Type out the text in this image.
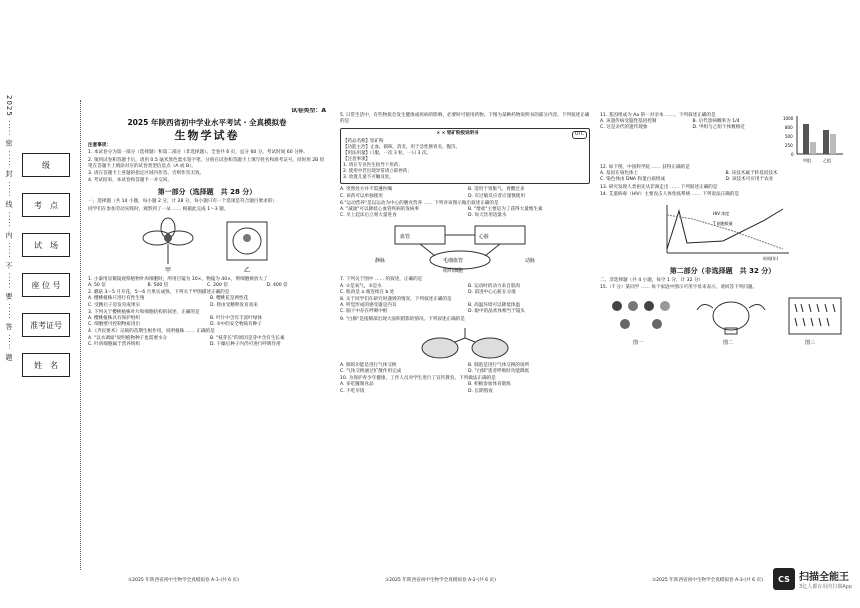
2025 ····· 密 ····· 封 ····· 线 ····· 内 ····· 不 ····· 要 ····· 答 ····· 题	级
考　点
试　场
座 位 号
准考证号
姓　名
试卷类型：A
2025 年陕西省初中学业水平考试 · 全真模拟卷
生物学试卷

注意事项：

1. 本试卷分为第一部分（选择题）和第二部分（非选择题）。全卷共 6 页，总分 60 分。考试时间 60 分钟。

2. 领到试卷和答题卡后，请用 0.5 毫米黑色墨水签字笔，分别在试卷和答题卡上填写姓名和准考证号，同时用 2B 铅笔在答题卡上填涂对应的试卷类型信息点（A 或 B）。

3. 请在答题卡上各题的指定区域内作答，否则作答无效。

4. 考试结束，本试卷和答题卡一并交回。

第一部分（选择题　共 28 分）

一、选择题（共 14 小题，每小题 2 分，计 28 分。每小题只有一个选项是符合题目要求的）

同学们在参加劳动实践时，观察到了一朵 …… 根据此完成 1～3 题。

甲	乙

1. 小秦用显微镜观察植物叶肉细胞时，所用目镜为 10×，物镜为 40×，则细胞被放大了

A. 50 倍	B. 500 倍	C. 200 倍	D. 400 倍

2. 蘑菇 3～5 月开花，5～6 月果实成熟。下列关于甲图描述正确的是

A. 樱桃植株只进行有性生殖	B. 樱桃花是两性花
C. 受精后子房发育成果实	D. 胚由受精卵发育而来

3. 下列关于樱桃植株叶片和细胞结构的叙述，正确的是

A. 樱桃植株具有保护组织	B. 叶片中含有丰富叶绿体
C. 细胞壁可控制物质进出	D. ②中的安全物质有种子

4.《齐民要术》记载的苗期生根作用，说明植株 …… 正确的是

A. "以水调面"说明植物种子也需要水分	B. "枝芽长"的原因是芽中含有生长素
C. 叶肉细胞属于营养组织	D. 干燥后种子内仍可进行呼吸作用
①2025 年陕西省初中生物学全真模拟卷 A-1-(共 6 页)

5. 日常生活中，有些物质会发生健康或疾病的影响，必要时可使用药物。下图为某种药物说明书的部分内容。下列叙述正确的是

× × 铝矿粉胶说明书	OTC
【药品名称】铝矿粉
【功能主治】止血、镇咳、消炎，用于急性肠胃炎、腹泻。
【用法用量】口服，一次 3 粒，一日 3 次。
【注意事项】
1. 请在专业医生指导下用药；
2. 使用中若出现异常请立即停药；
3. 放置儿童不可触及处。
A. 突然处方并不需遵医嘱	B. 适用于胃胀气、胃酸过多
C. 该药可以单独使用	D. 有过敏反应者应谨慎使用

6."运动营养"是以运动为中心的膳食营养 …… 下列对该图示做出叙述正确的是

A. "减油"可以降低心血管疾病的发病率	B. "增盐"主要是为了获得大量维生素
C. 早上起床后立刻大量进食	D. 每天饮用适量水
血管	心脏
静脉	动脉
毛细血管
组织细胞

7. 下列关于图中 …… 的叙述，正确的是

A. ①是氧气，②是水	B. 运动时的动力来自肌肉
C. 肌肉是 a 端连续在 b 处	D. 前进中心心脏在分流

8. 关于同学们在研究时遇到的情况，下列叙述正确的是

A. 听觉形成的感受器是内耳	B. 高温环境可以降低体温
C. 脑干中存在呼吸中枢	D. 眼中的晶状体相当于镜头

9. "白肺"是指肺部出现大面积阴影的情况。下列叙述正确的是

A. 肺的功能是进行气体交换	B. 肺泡是进行气体交换的场所
C. 气体交换通过扩散作用完成	D. "白肺"患者呼吸时功能降低

10. 为保护青少年健康，工作人员对学生进行了宣传教育。下列做法正确的是

A. 多吃腌制食品	B. 积极参加体育锻炼
C. 不吃早饭	D. 长期熬夜
①2025 年陕西省初中生物学全真模拟卷 A-2-(共 6 页)

11. 基因组成为 Aa 的一对亲本 ……，下列叙述正确的是

A. 该遗传病受隐性基因控制	B. 后代患病概率为 1/4
C. 这是亲代的遗传现象	D. 甲组与乙组个体数相近
1000
800
500
250
0
甲组	乙组

12. 如下图，中国科学院 …… 获得正确的是

A. 基因在染色体上	B. 该技术属于转基因技术
C. 染色体由 DNA 和蛋白质组成	D. 该技术可应用于农业

13. 研究发现人类祖先从非洲走出 …… 下列叙述正确的是

14. 艾滋病毒（HIV）主要攻击人体免疫系统 …… 下列说法正确的是

HIV 浓度
T 细胞数量
时间(年)
第二部分（非选择题　共 32 分）

二、非选择题（共 4 小题，每空 1 分，计 32 分）

15.（7 分）某同学 …… 每个家庭中图示可用字母来表示，请回答下列问题。

图一	图二	图三
①2025 年陕西省初中生物学全真模拟卷 A-3-(共 6 页)	CS 扫描全能王
3亿人都在用的扫描App
